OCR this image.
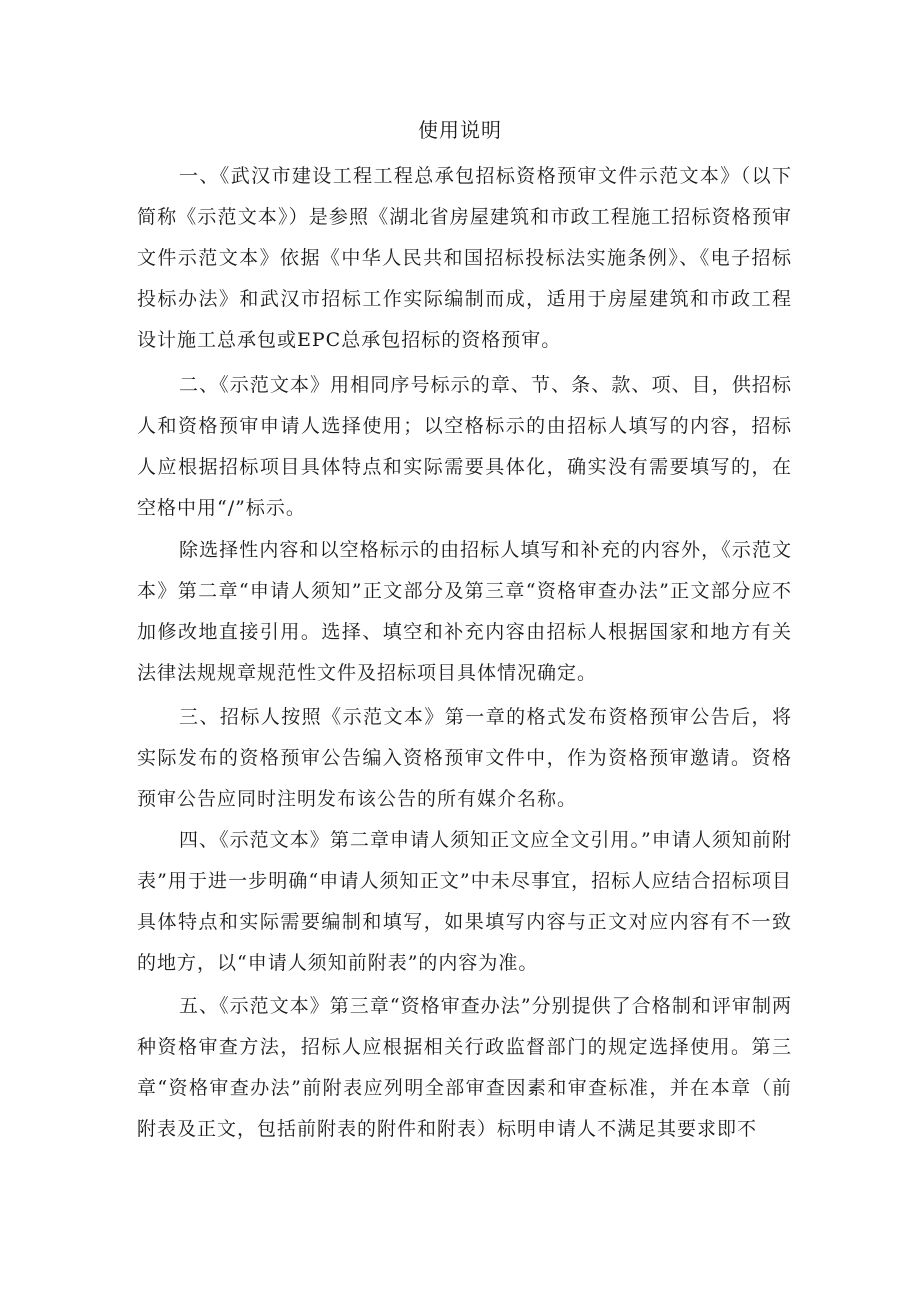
使用说明

一、《武汉市建设工程工程总承包招标资格预审文件示范文本》（以下简称《示范文本》）是参照《湖北省房屋建筑和市政工程施工招标资格预审文件示范文本》依据《中华人民共和国招标投标法实施条例》、《电子招标投标办法》和武汉市招标工作实际编制而成，适用于房屋建筑和市政工程设计施工总承包或EPC总承包招标的资格预审。

二、《示范文本》用相同序号标示的章、节、条、款、项、目，供招标人和资格预审申请人选择使用；以空格标示的由招标人填写的内容，招标人应根据招标项目具体特点和实际需要具体化，确实没有需要填写的，在空格中用“/”标示。

除选择性内容和以空格标示的由招标人填写和补充的内容外，《示范文本》第二章“申请人须知”正文部分及第三章“资格审查办法”正文部分应不加修改地直接引用。选择、填空和补充内容由招标人根据国家和地方有关法律法规规章规范性文件及招标项目具体情况确定。

三、招标人按照《示范文本》第一章的格式发布资格预审公告后，将实际发布的资格预审公告编入资格预审文件中，作为资格预审邀请。资格预审公告应同时注明发布该公告的所有媒介名称。

四、《示范文本》第二章申请人须知正文应全文引用。”申请人须知前附表”用于进一步明确“申请人须知正文”中未尽事宜，招标人应结合招标项目具体特点和实际需要编制和填写，如果填写内容与正文对应内容有不一致的地方，以“申请人须知前附表”的内容为准。

五、《示范文本》第三章“资格审查办法”分别提供了合格制和评审制两种资格审查方法，招标人应根据相关行政监督部门的规定选择使用。第三章“资格审查办法”前附表应列明全部审查因素和审查标准，并在本章（前附表及正文，包括前附表的附件和附表）标明申请人不满足其要求即不
